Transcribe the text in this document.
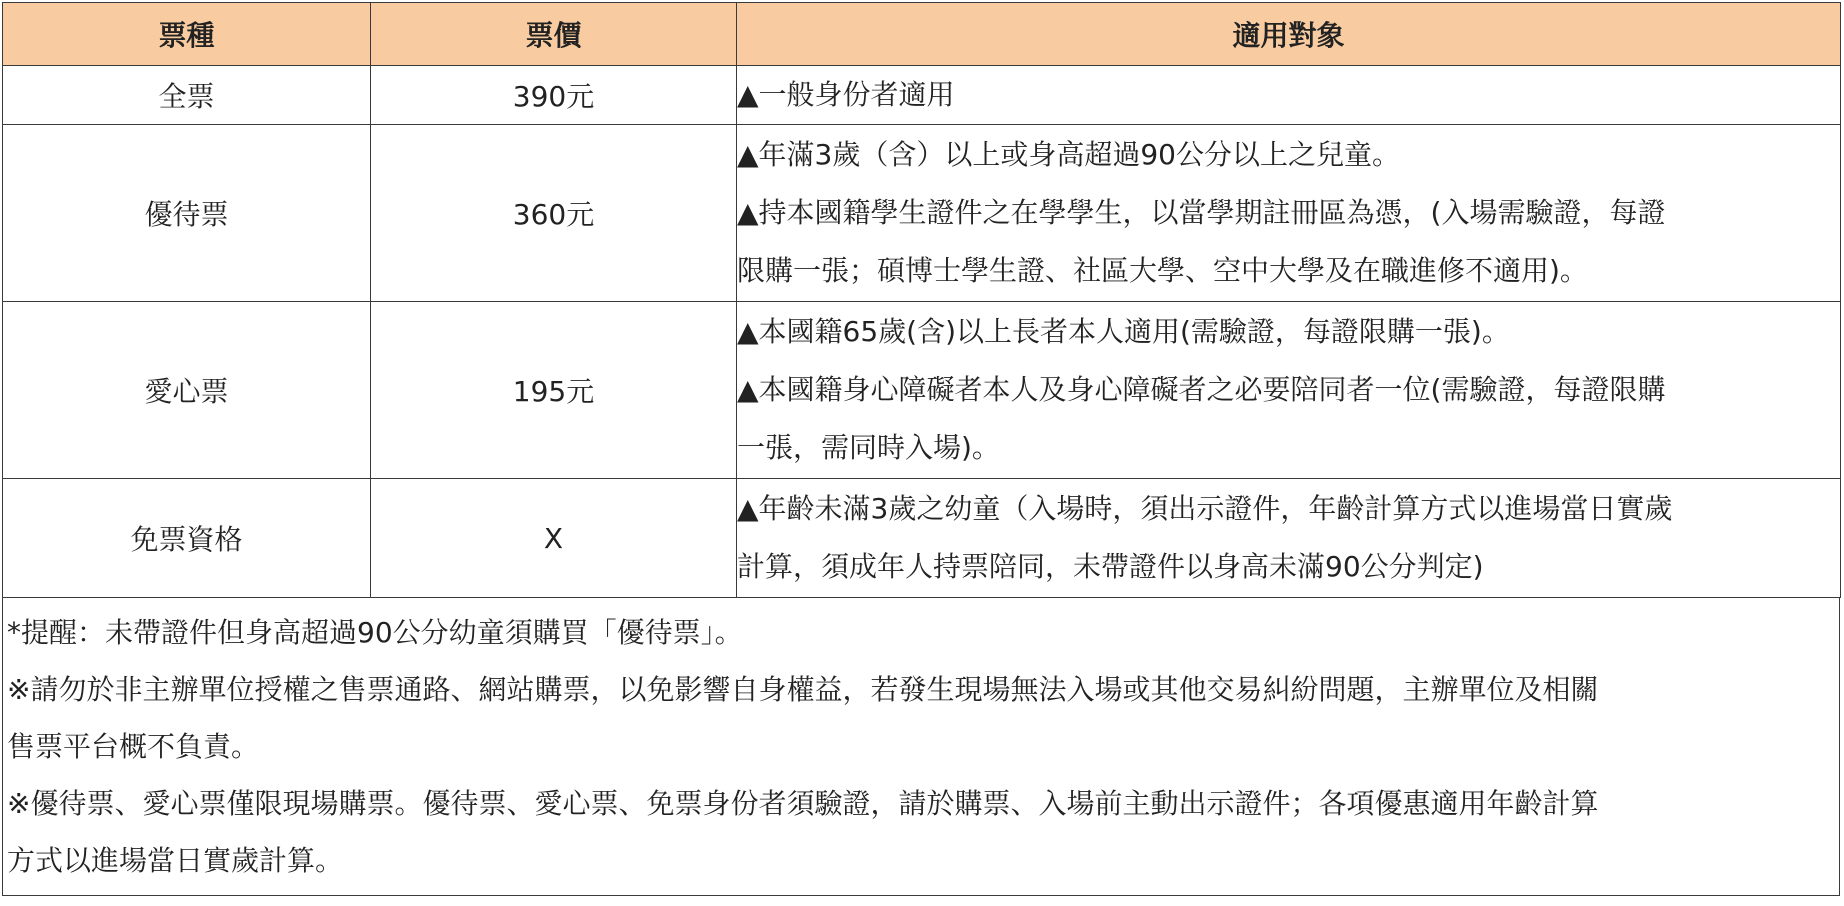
票種	票價	適用對象
全票	390元	▲一般身份者適用

優待票	360元	▲年滿3歲（含）以上或身高超過90公分以上之兒童。
▲持本國籍學生證件之在學學生，以當學期註冊區為憑，(入場需驗證，每證
限購一張；碩博士學生證、社區大學、空中大學及在職進修不適用)。

愛心票	195元	▲本國籍65歲(含)以上長者本人適用(需驗證，每證限購一張)。
▲本國籍身心障礙者本人及身心障礙者之必要陪同者一位(需驗證，每證限購
一張，需同時入場)。

免票資格	X	▲年齡未滿3歲之幼童（入場時，須出示證件，年齡計算方式以進場當日實歲
計算，須成年人持票陪同，未帶證件以身高未滿90公分判定)
*提醒：未帶證件但身高超過90公分幼童須購買「優待票」。
※請勿於非主辦單位授權之售票通路、網站購票，以免影響自身權益，若發生現場無法入場或其他交易糾紛問題，主辦單位及相關
售票平台概不負責。
※優待票、愛心票僅限現場購票。優待票、愛心票、免票身份者須驗證，請於購票、入場前主動出示證件；各項優惠適用年齡計算
方式以進場當日實歲計算。
